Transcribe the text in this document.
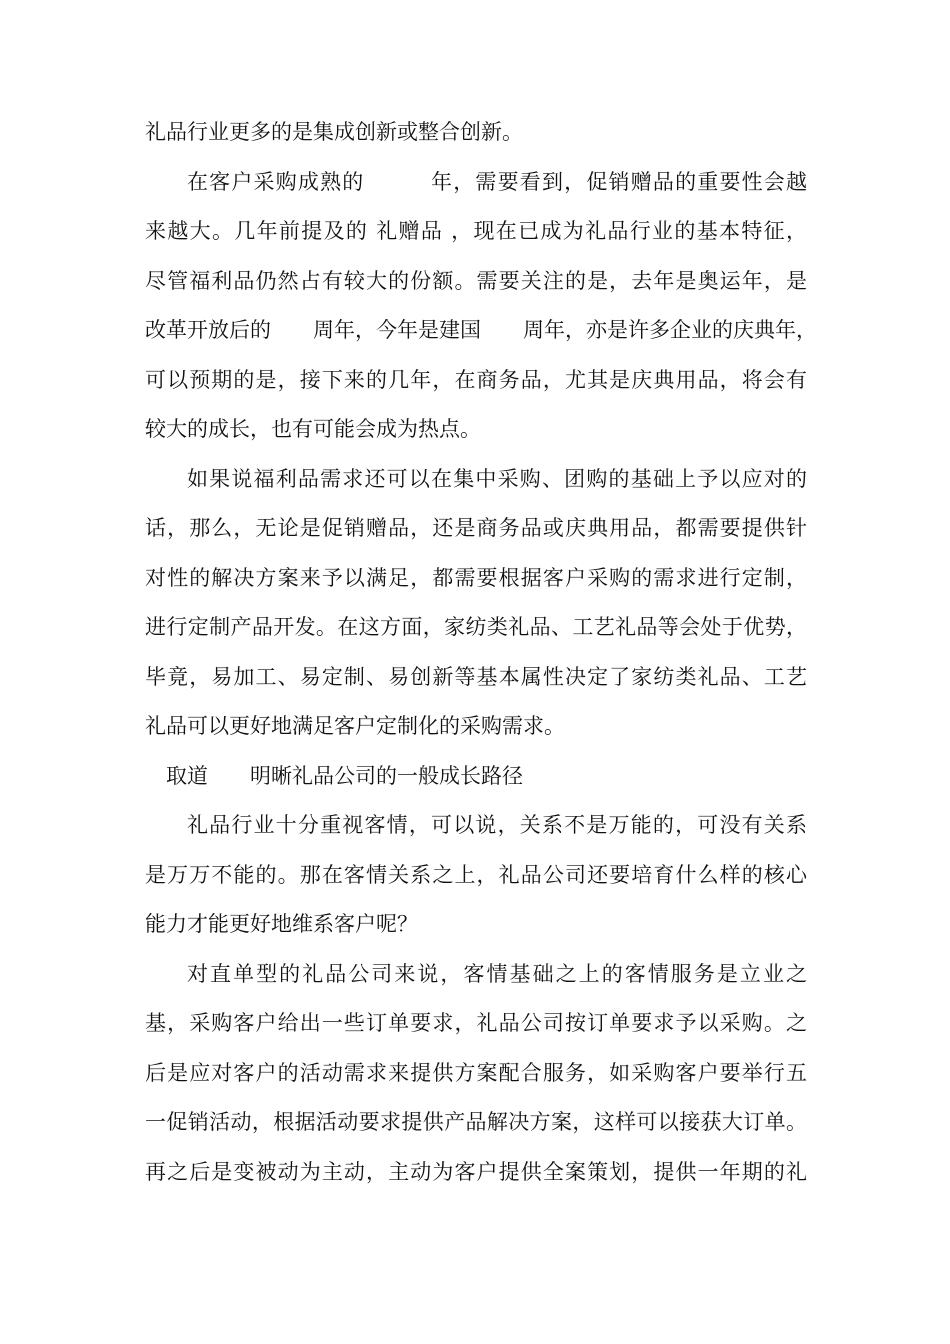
礼品行业更多的是集成创新或整合创新。
在客户采购成熟的　　　年，需要看到，促销赠品的重要性会越
来越大。几年前提及的 礼赠品 ，现在已成为礼品行业的基本特征，
尽管福利品仍然占有较大的份额。需要关注的是，去年是奥运年，是
改革开放后的　　周年，今年是建国　　周年，亦是许多企业的庆典年，
可以预期的是，接下来的几年，在商务品，尤其是庆典用品，将会有
较大的成长，也有可能会成为热点。
如果说福利品需求还可以在集中采购、团购的基础上予以应对的
话，那么，无论是促销赠品，还是商务品或庆典用品，都需要提供针
对性的解决方案来予以满足，都需要根据客户采购的需求进行定制，
进行定制产品开发。在这方面，家纺类礼品、工艺礼品等会处于优势，
毕竟，易加工、易定制、易创新等基本属性决定了家纺类礼品、工艺
礼品可以更好地满足客户定制化的采购需求。
取道　　明晰礼品公司的一般成长路径
礼品行业十分重视客情，可以说，关系不是万能的，可没有关系
是万万不能的。那在客情关系之上，礼品公司还要培育什么样的核心
能力才能更好地维系客户呢？
对直单型的礼品公司来说，客情基础之上的客情服务是立业之
基，采购客户给出一些订单要求，礼品公司按订单要求予以采购。之
后是应对客户的活动需求来提供方案配合服务，如采购客户要举行五
一促销活动，根据活动要求提供产品解决方案，这样可以接获大订单。
再之后是变被动为主动，主动为客户提供全案策划，提供一年期的礼
